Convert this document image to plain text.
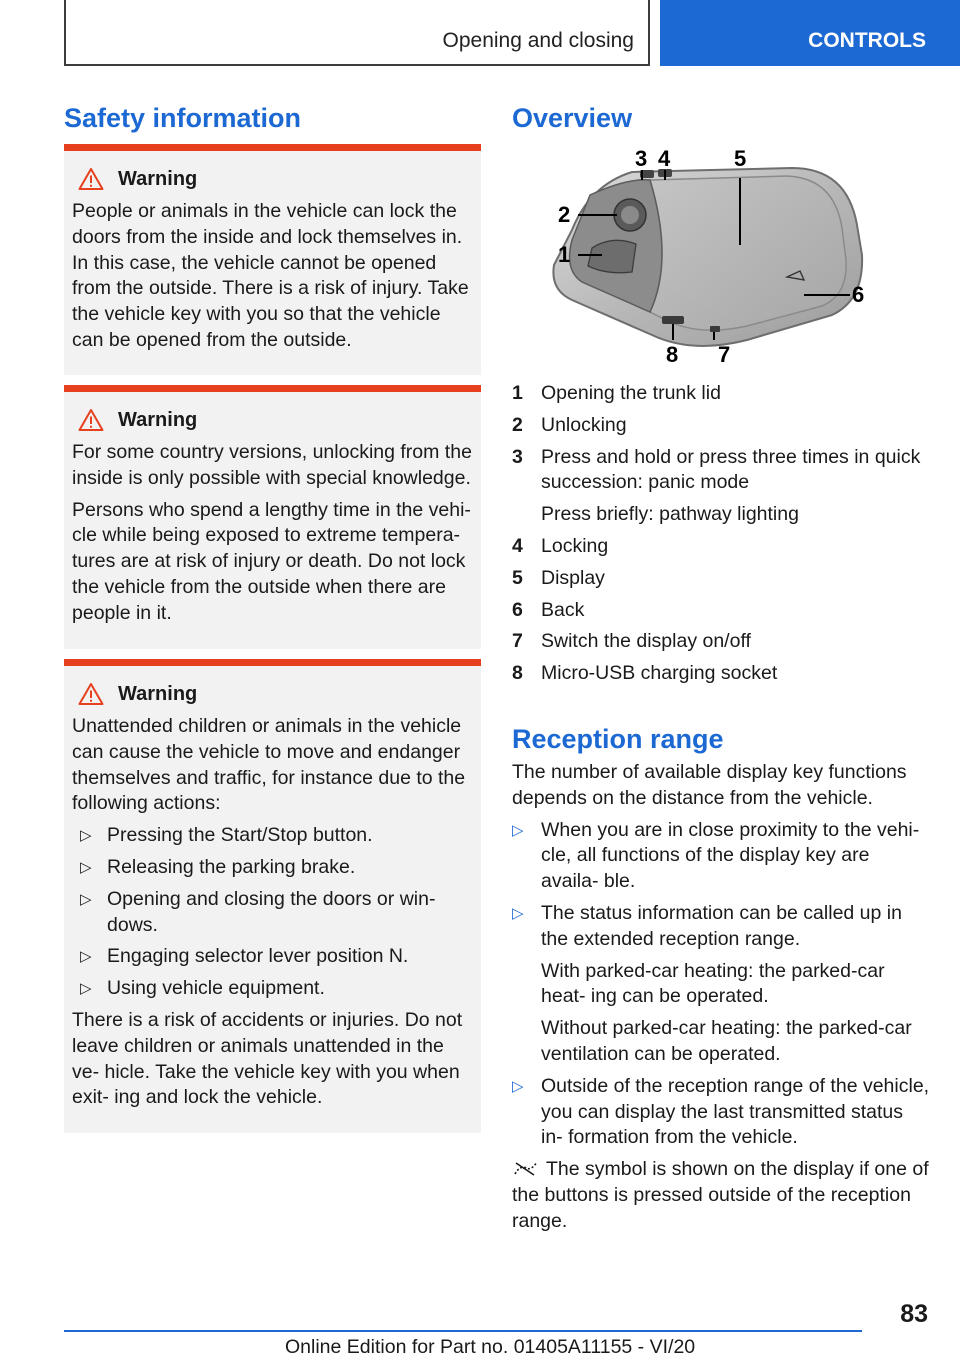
Opening and closing	CONTROLS
Safety information
Warning

People or animals in the vehicle can lock the doors from the inside and lock themselves in. In this case, the vehicle cannot be opened from the outside. There is a risk of injury. Take the vehicle key with you so that the vehicle can be opened from the outside.

Warning

For some country versions, unlocking from the inside is only possible with special knowledge.

Persons who spend a lengthy time in the vehi- cle while being exposed to extreme tempera- tures are at risk of injury or death. Do not lock the vehicle from the outside when there are people in it.

Warning

Unattended children or animals in the vehicle can cause the vehicle to move and endanger themselves and traffic, for instance due to the following actions:

▷ Pressing the Start/Stop button.
▷ Releasing the parking brake.
▷ Opening and closing the doors or win- dows.
▷ Engaging selector lever position N.
▷ Using vehicle equipment.

There is a risk of accidents or injuries. Do not leave children or animals unattended in the ve- hicle. Take the vehicle key with you when exit- ing and lock the vehicle.

Overview
1
2
3 4	5
6
7
8
1 Opening the trunk lid
2 Unlocking
3 Press and hold or press three times in quick succession: panic mode
Press briefly: pathway lighting
4 Locking
5 Display
6 Back
7 Switch the display on/off
8 Micro-USB charging socket
Reception range

The number of available display key functions depends on the distance from the vehicle.

▷ When you are in close proximity to the vehi- cle, all functions of the display key are availa- ble.
▷ The status information can be called up in the extended reception range.
With parked-car heating: the parked-car heat- ing can be operated.
Without parked-car heating: the parked-car ventilation can be operated.
▷ Outside of the reception range of the vehicle, you can display the last transmitted status in- formation from the vehicle.

The symbol is shown on the display if one of the buttons is pressed outside of the reception range.

83
Online Edition for Part no. 01405A11155 - VI/20
